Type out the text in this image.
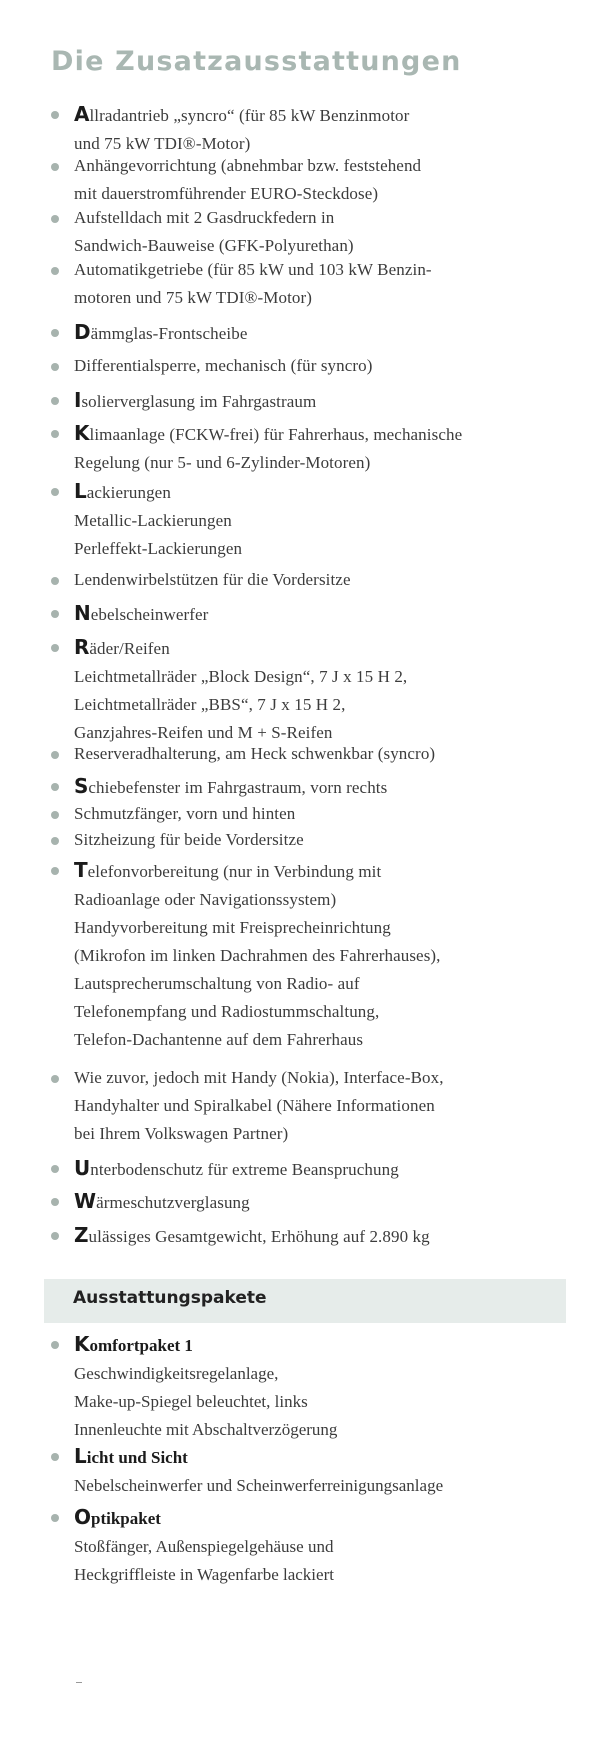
Die Zusatzausstattungen
Allradantrieb „syncro“ (für 85 kW Benzinmotor
und 75 kW TDI®-Motor)
Anhängevorrichtung (abnehmbar bzw. feststehend
mit dauerstromführender EURO-Steckdose)
Aufstelldach mit 2 Gasdruckfedern in
Sandwich-Bauweise (GFK-Polyurethan)
Automatikgetriebe (für 85 kW und 103 kW Benzin-
motoren und 75 kW TDI®-Motor)
Dämmglas-Frontscheibe
Differentialsperre, mechanisch (für syncro)
Isolierverglasung im Fahrgastraum
Klimaanlage (FCKW-frei) für Fahrerhaus, mechanische
Regelung (nur 5- und 6-Zylinder-Motoren)
Lackierungen
Metallic-Lackierungen
Perleffekt-Lackierungen
Lendenwirbelstützen für die Vordersitze
Nebelscheinwerfer
Räder/Reifen
Leichtmetallräder „Block Design“, 7 J x 15 H 2,
Leichtmetallräder „BBS“, 7 J x 15 H 2,
Ganzjahres-Reifen und M + S-Reifen
Reserveradhalterung, am Heck schwenkbar (syncro)
Schiebefenster im Fahrgastraum, vorn rechts
Schmutzfänger, vorn und hinten
Sitzheizung für beide Vordersitze
Telefonvorbereitung (nur in Verbindung mit
Radioanlage oder Navigationssystem)
Handyvorbereitung mit Freisprecheinrichtung
(Mikrofon im linken Dachrahmen des Fahrerhauses),
Lautsprecherumschaltung von Radio- auf
Telefonempfang und Radiostummschaltung,
Telefon-Dachantenne auf dem Fahrerhaus
Wie zuvor, jedoch mit Handy (Nokia), Interface-Box,
Handyhalter und Spiralkabel (Nähere Informationen
bei Ihrem Volkswagen Partner)
Unterbodenschutz für extreme Beanspruchung
Wärmeschutzverglasung
Zulässiges Gesamtgewicht, Erhöhung auf 2.890 kg
Ausstattungspakete
Komfortpaket 1
Geschwindigkeitsregelanlage,
Make-up-Spiegel beleuchtet, links
Innenleuchte mit Abschaltverzögerung
Licht und Sicht
Nebelscheinwerfer und Scheinwerferreinigungsanlage
Optikpaket
Stoßfänger, Außenspiegelgehäuse und
Heckgriffleiste in Wagenfarbe lackiert
